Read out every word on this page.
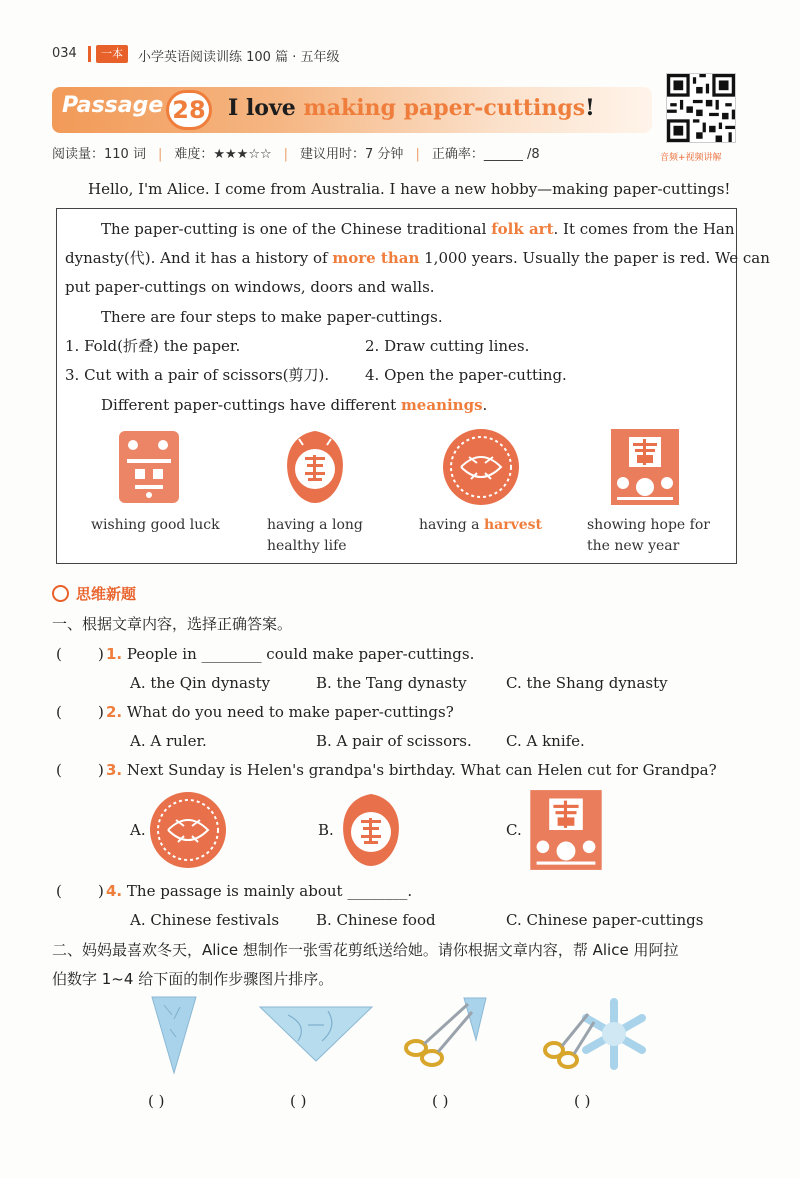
034	一本	小学英语阅读训练 100 篇 · 五年级
Passage 28 I love making paper-cuttings!
音频+视频讲解
阅读量：110 词 | 难度：★★★☆☆ | 建议用时：7 分钟 | 正确率：______ /8
Hello, I'm Alice. I come from Australia. I have a new hobby—making paper-cuttings!
The paper-cutting is one of the Chinese traditional folk art. It comes from the Han
dynasty(代). And it has a history of more than 1,000 years. Usually the paper is red. We can
put paper-cuttings on windows, doors and walls.
There are four steps to make paper-cuttings.
1. Fold(折叠) the paper.	2. Draw cutting lines.
3. Cut with a pair of scissors(剪刀). 4. Open the paper-cutting.
Different paper-cuttings have different meanings.
wishing good luck	having a long
healthy life
having a harvest	showing hope for
the new year
思维新题
一、根据文章内容，选择正确答案。
( ) 1. People in ________ could make paper-cuttings.
A. the Qin dynasty	B. the Tang dynasty	C. the Shang dynasty
( ) 2. What do you need to make paper-cuttings?
A. A ruler.	B. A pair of scissors. C. A knife.
( ) 3. Next Sunday is Helen's grandpa's birthday. What can Helen cut for Grandpa?
A.	B.	C.
( ) 4. The passage is mainly about ________.
A. Chinese festivals B. Chinese food	C. Chinese paper-cuttings
二、妈妈最喜欢冬天，Alice 想制作一张雪花剪纸送给她。请你根据文章内容，帮 Alice 用阿拉
伯数字 1~4 给下面的制作步骤图片排序。
( )	( )	( )	( )
